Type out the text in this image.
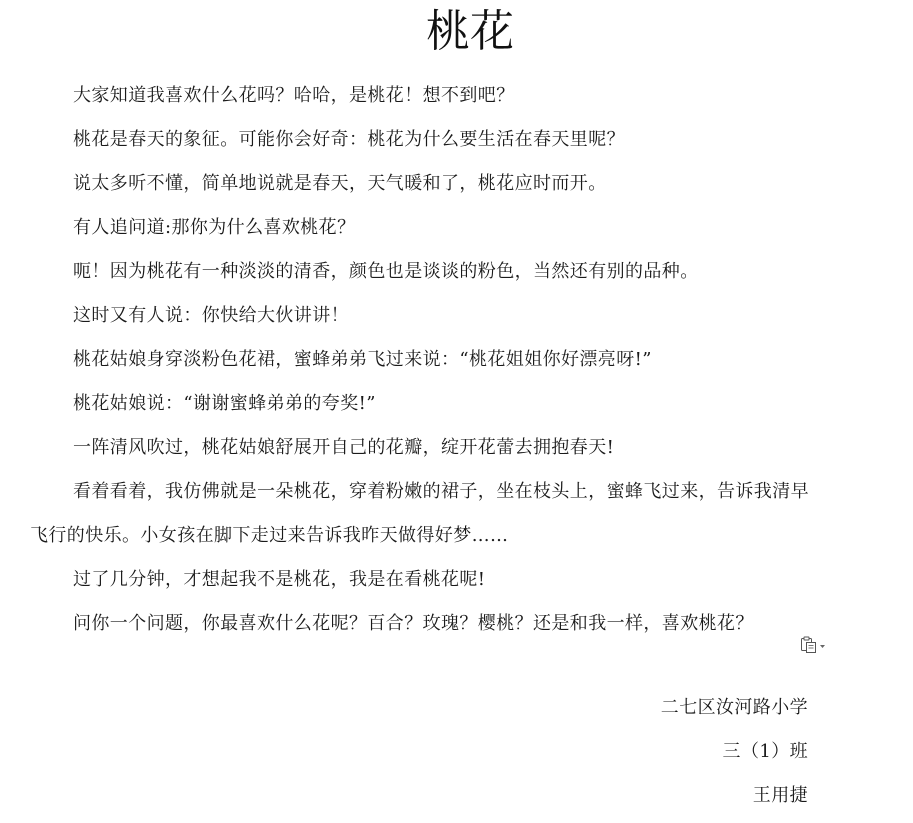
桃花

大家知道我喜欢什么花吗？哈哈，是桃花！想不到吧？

桃花是春天的象征。可能你会好奇：桃花为什么要生活在春天里呢？

说太多听不懂，简单地说就是春天，天气暖和了，桃花应时而开。

有人追问道:那你为什么喜欢桃花？

呃！因为桃花有一种淡淡的清香，颜色也是谈谈的粉色，当然还有别的品种。

这时又有人说：你快给大伙讲讲！

桃花姑娘身穿淡粉色花裙，蜜蜂弟弟飞过来说：“桃花姐姐你好漂亮呀!”

桃花姑娘说：“谢谢蜜蜂弟弟的夸奖!”

一阵清风吹过，桃花姑娘舒展开自己的花瓣，绽开花蕾去拥抱春天!

看着看着，我仿佛就是一朵桃花，穿着粉嫩的裙子，坐在枝头上，蜜蜂飞过来，告诉我清早飞行的快乐。小女孩在脚下走过来告诉我昨天做得好梦……

过了几分钟，才想起我不是桃花，我是在看桃花呢!

问你一个问题，你最喜欢什么花呢？百合？玫瑰？樱桃？还是和我一样，喜欢桃花？

二七区汝河路小学
三（1）班
王用捷
